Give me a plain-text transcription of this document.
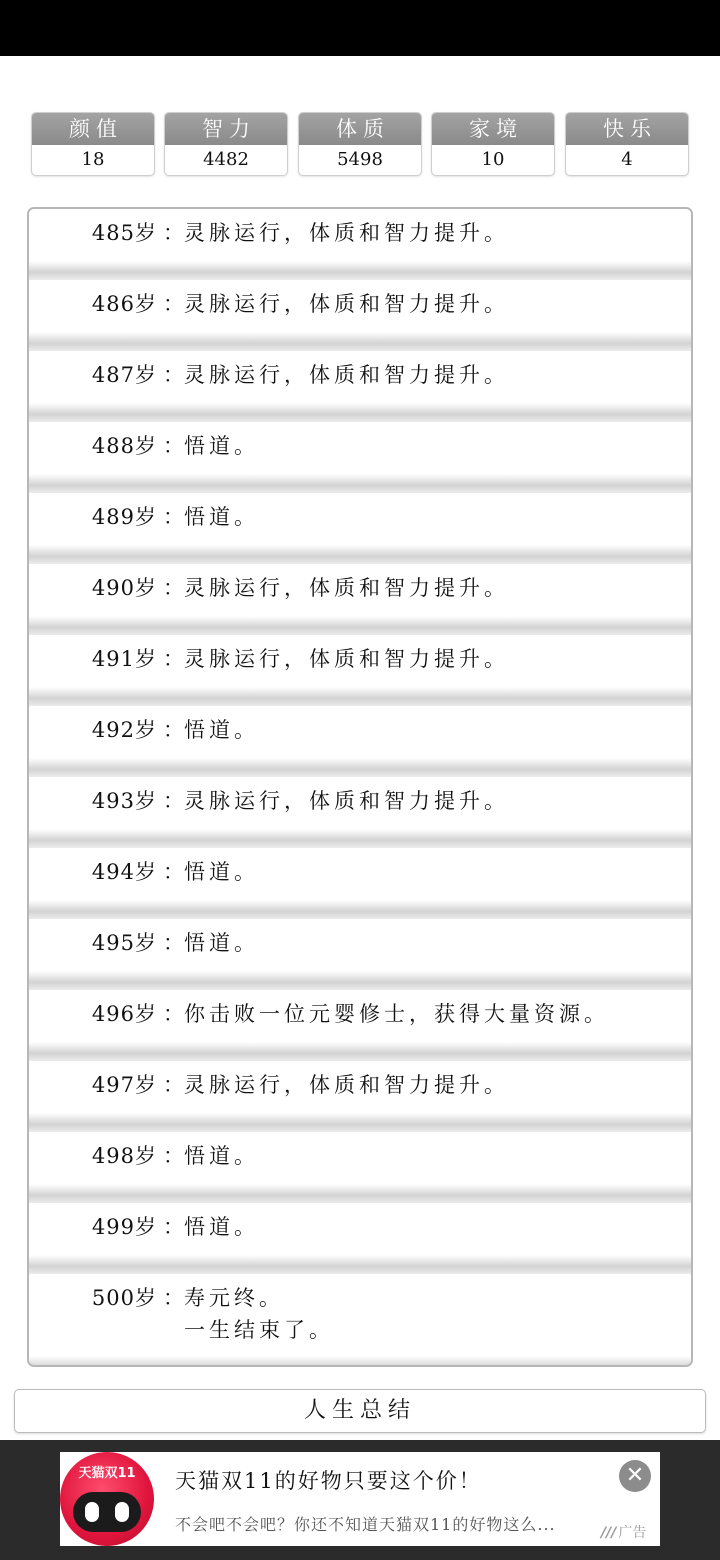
颜值
18
智力
4482
体质
5498
家境
10
快乐
4
485岁 ： 灵脉运行，体质和智力提升。
486岁 ： 灵脉运行，体质和智力提升。
487岁 ： 灵脉运行，体质和智力提升。
488岁 ： 悟道。
489岁 ： 悟道。
490岁 ： 灵脉运行，体质和智力提升。
491岁 ： 灵脉运行，体质和智力提升。
492岁 ： 悟道。
493岁 ： 灵脉运行，体质和智力提升。
494岁 ： 悟道。
495岁 ： 悟道。
496岁 ： 你击败一位元婴修士，获得大量资源。
497岁 ： 灵脉运行，体质和智力提升。
498岁 ： 悟道。
499岁 ： 悟道。
500岁 ： 寿元终。
一生结束了。
人生总结
天猫双11	天猫双11的好物只要这个价！
不会吧不会吧？你还不知道天猫双11的好物这么...
✕
/// 广告
